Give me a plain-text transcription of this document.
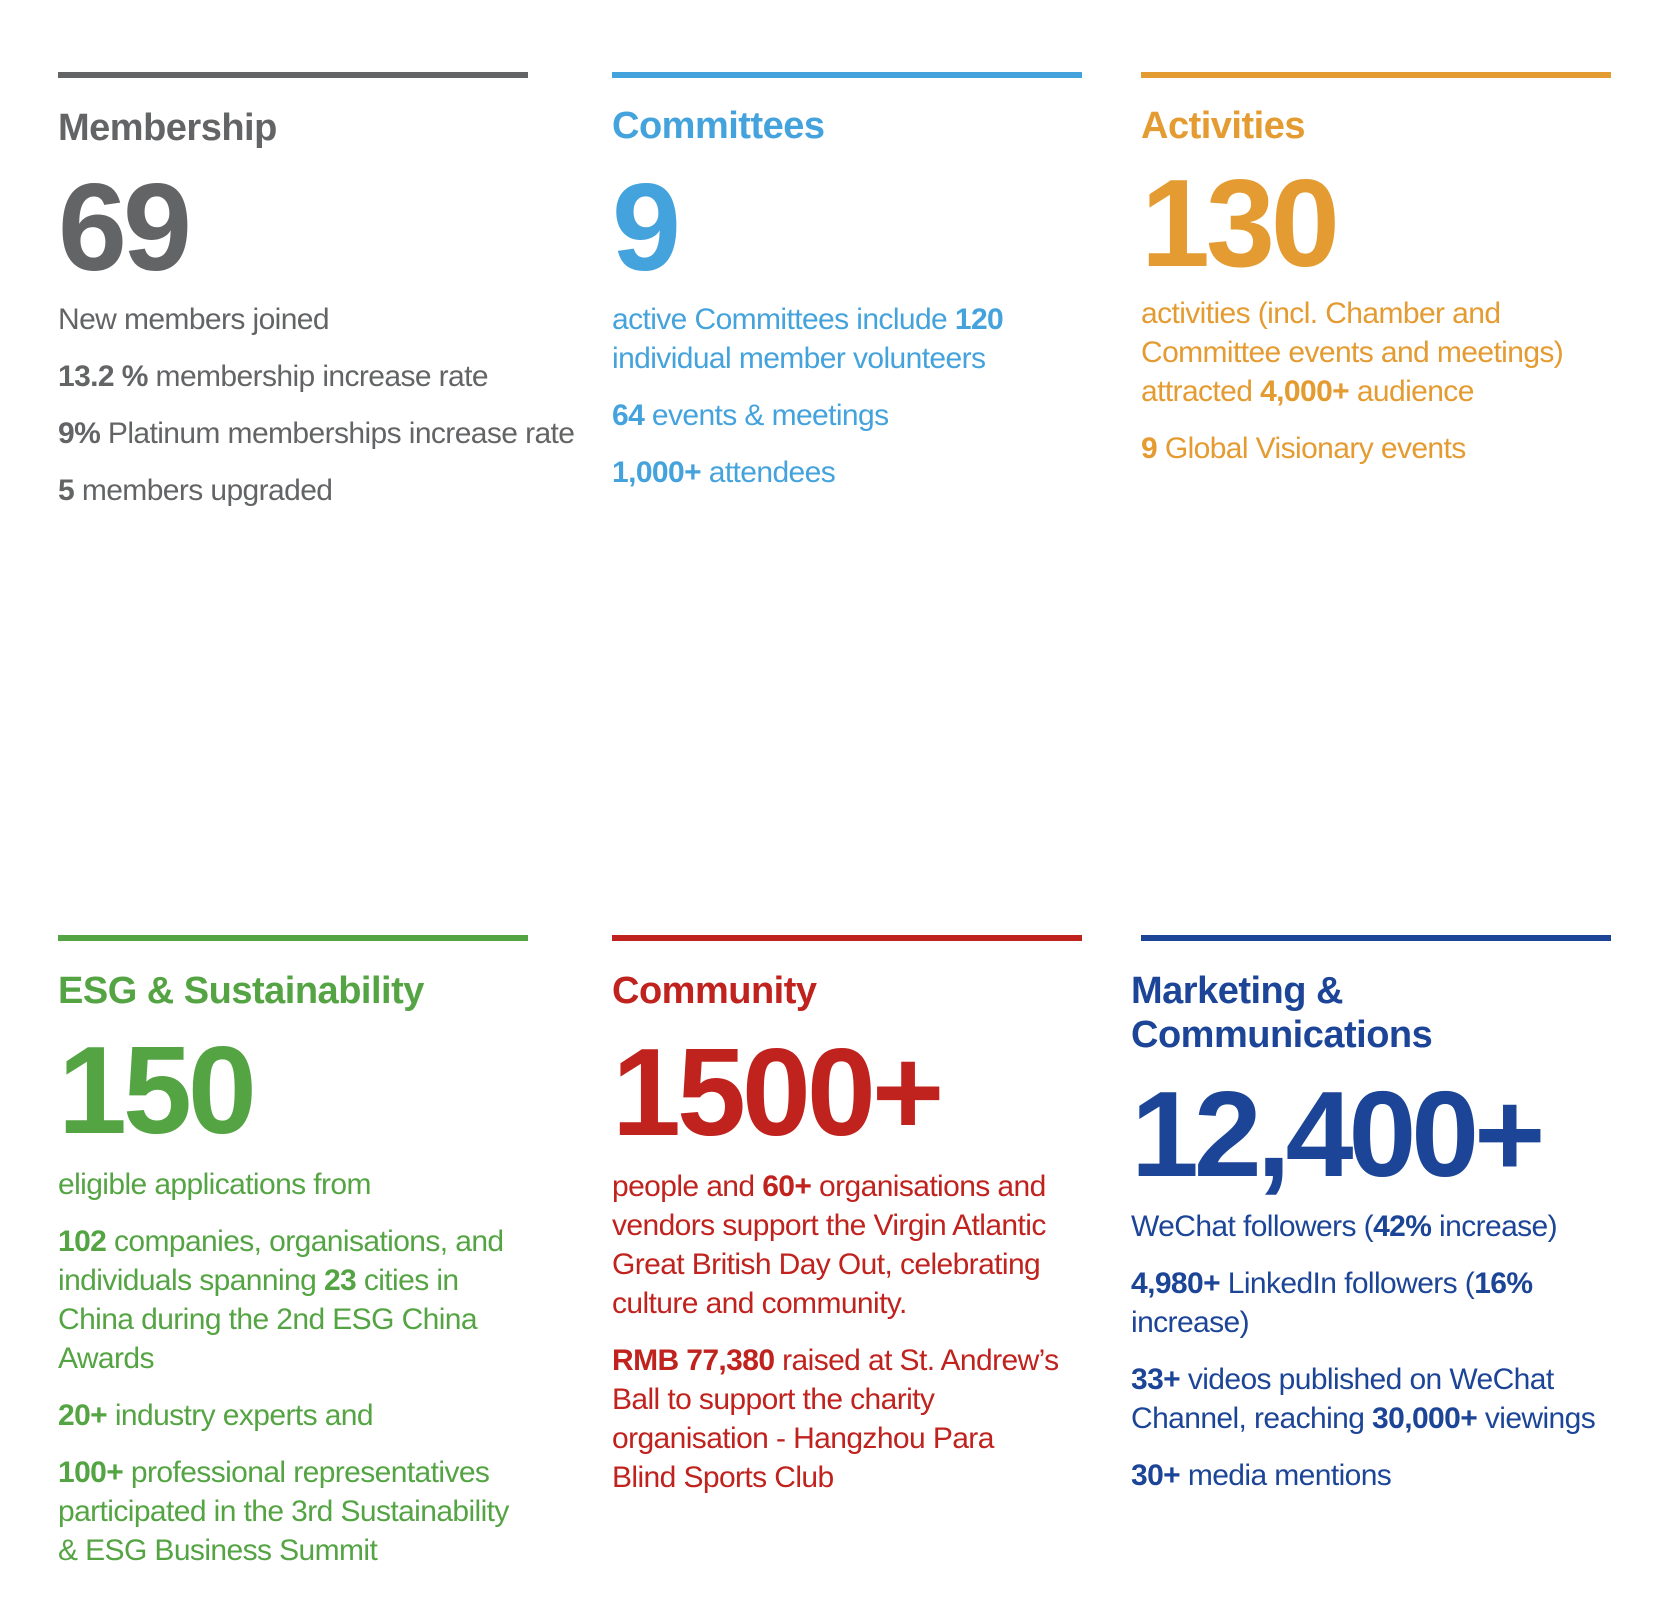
Membership
69

New members joined

13.2 % membership increase rate

9% Platinum memberships increase rate

5 members upgraded

Committees
9

active Committees include 120 individual member volunteers

64 events & meetings

1,000+ attendees

Activities
130

activities (incl. Chamber and Committee events and meetings) attracted 4,000+ audience

9 Global Visionary events

ESG & Sustainability
150

eligible applications from

102 companies, organisations, and individuals spanning 23 cities in China during the 2nd ESG China Awards

20+ industry experts and

100+ professional representatives participated in the 3rd Sustainability & ESG Business Summit

Community
1500+

people and 60+ organisations and vendors support the Virgin Atlantic Great British Day Out, celebrating culture and community.

RMB 77,380 raised at St. Andrew’s Ball to support the charity organisation - Hangzhou Para Blind Sports Club

Marketing &
Communications
12,400+

WeChat followers (42% increase)

4,980+ LinkedIn followers (16% increase)

33+ videos published on WeChat Channel, reaching 30,000+ viewings

30+ media mentions
